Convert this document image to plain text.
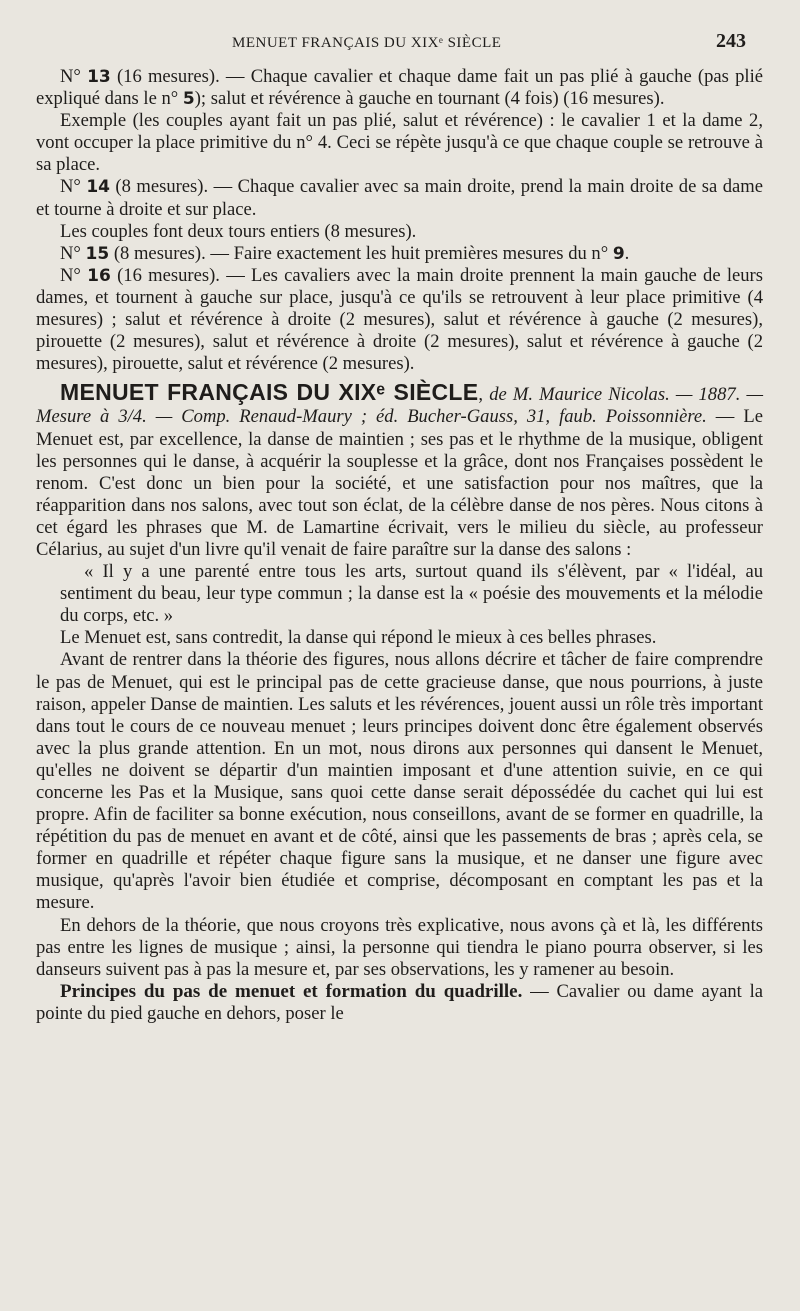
MENUET FRANÇAIS DU XIXᵉ SIÈCLE	243

N° 13 (16 mesures). — Chaque cavalier et chaque dame fait un pas plié à gauche (pas plié expliqué dans le n° 5); salut et révérence à gauche en tournant (4 fois) (16 mesures).

Exemple (les couples ayant fait un pas plié, salut et révérence) : le cavalier 1 et la dame 2, vont occuper la place primitive du n° 4. Ceci se répète jusqu'à ce que chaque couple se retrouve à sa place.

N° 14 (8 mesures). — Chaque cavalier avec sa main droite, prend la main droite de sa dame et tourne à droite et sur place.

Les couples font deux tours entiers (8 mesures).

N° 15 (8 mesures). — Faire exactement les huit premières mesures du n° 9.

N° 16 (16 mesures). — Les cavaliers avec la main droite prennent la main gauche de leurs dames, et tournent à gauche sur place, jusqu'à ce qu'ils se retrouvent à leur place primitive (4 mesures) ; salut et révérence à droite (2 mesures), salut et révérence à gauche (2 mesures), pirouette (2 mesures), salut et révérence à droite (2 mesures), salut et révérence à gauche (2 mesures), pirouette, salut et révérence (2 mesures).

MENUET FRANÇAIS DU XIXᵉ SIÈCLE, de M. Maurice Nicolas. — 1887. — Mesure à 3/4. — Comp. Renaud-Maury ; éd. Bucher-Gauss, 31, faub. Poissonnière. — Le Menuet est, par excellence, la danse de maintien ; ses pas et le rhythme de la musique, obligent les personnes qui le danse, à acquérir la souplesse et la grâce, dont nos Françaises possèdent le renom. C'est donc un bien pour la société, et une satisfaction pour nos maîtres, que la réapparition dans nos salons, avec tout son éclat, de la célèbre danse de nos pères. Nous citons à cet égard les phrases que M. de Lamartine écrivait, vers le milieu du siècle, au professeur Célarius, au sujet d'un livre qu'il venait de faire paraître sur la danse des salons :

« Il y a une parenté entre tous les arts, surtout quand ils s'élèvent, par « l'idéal, au sentiment du beau, leur type commun ; la danse est la « poésie des mouvements et la mélodie du corps, etc. »

Le Menuet est, sans contredit, la danse qui répond le mieux à ces belles phrases.

Avant de rentrer dans la théorie des figures, nous allons décrire et tâcher de faire comprendre le pas de Menuet, qui est le principal pas de cette gracieuse danse, que nous pourrions, à juste raison, appeler Danse de maintien. Les saluts et les révérences, jouent aussi un rôle très important dans tout le cours de ce nouveau menuet ; leurs principes doivent donc être également observés avec la plus grande attention. En un mot, nous dirons aux personnes qui dansent le Menuet, qu'elles ne doivent se départir d'un maintien imposant et d'une attention suivie, en ce qui concerne les Pas et la Musique, sans quoi cette danse serait dépossédée du cachet qui lui est propre. Afin de faciliter sa bonne exécution, nous conseillons, avant de se former en quadrille, la répétition du pas de menuet en avant et de côté, ainsi que les passements de bras ; après cela, se former en quadrille et répéter chaque figure sans la musique, et ne danser une figure avec musique, qu'après l'avoir bien étudiée et comprise, décomposant en comptant les pas et la mesure.

En dehors de la théorie, que nous croyons très explicative, nous avons çà et là, les différents pas entre les lignes de musique ; ainsi, la personne qui tiendra le piano pourra observer, si les danseurs suivent pas à pas la mesure et, par ses observations, les y ramener au besoin.

Principes du pas de menuet et formation du quadrille. — Cavalier ou dame ayant la pointe du pied gauche en dehors, poser le
